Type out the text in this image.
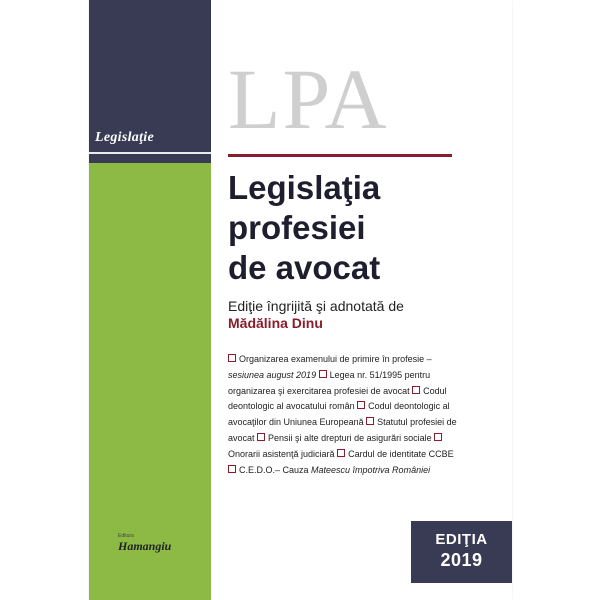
Legislaţie LPA
Legislaţia
profesiei
de avocat
Ediţie îngrijită şi adnotată de
Mădălina Dinu
Organizarea examenului de primire în profesie – sesiunea august 2019 Legea nr. 51/1995 pentru organizarea şi exercitarea profesiei de avocat Codul deontologic al avocatului român Codul deontologic al avocaţilor din Uniunea Europeană Statutul profesiei de avocat Pensii şi alte drepturi de asigurări sociale Onorarii asistenţă judiciară Cardul de identitate CCBE C.E.D.O.– Cauza Mateescu împotriva României
Editura
Hamangiu	EDIŢIA
2019
